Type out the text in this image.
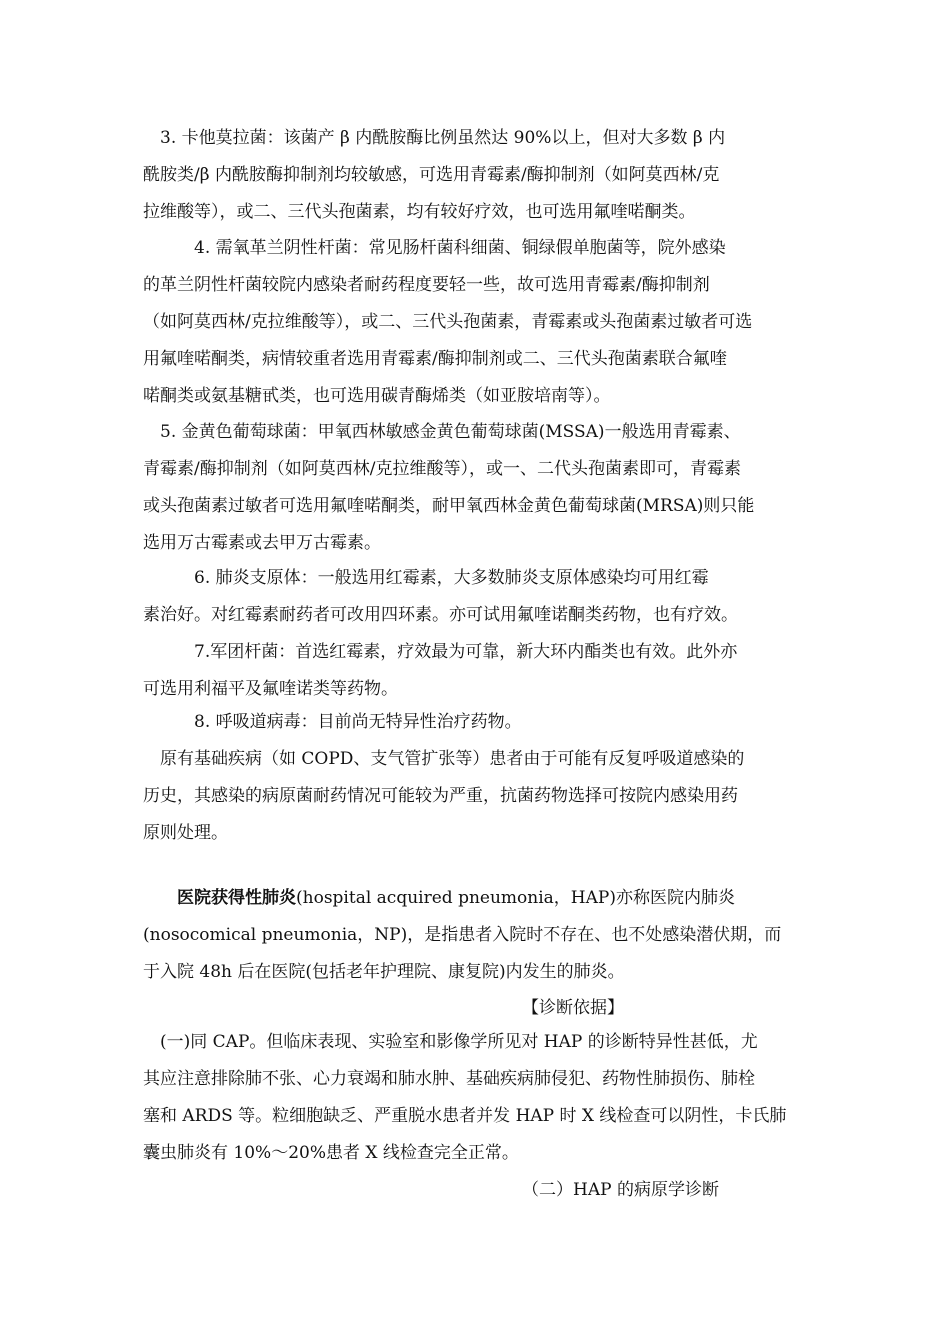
　3. 卡他莫拉菌：该菌产 β 内酰胺酶比例虽然达 90%以上，但对大多数 β 内
酰胺类/β 内酰胺酶抑制剂均较敏感，可选用青霉素/酶抑制剂（如阿莫西林/克
拉维酸等），或二、三代头孢菌素，均有较好疗效，也可选用氟喹喏酮类。
　　　4. 需氧革兰阴性杆菌：常见肠杆菌科细菌、铜绿假单胞菌等，院外感染
的革兰阴性杆菌较院内感染者耐药程度要轻一些，故可选用青霉素/酶抑制剂
（如阿莫西林/克拉维酸等），或二、三代头孢菌素，青霉素或头孢菌素过敏者可选
用氟喹喏酮类，病情较重者选用青霉素/酶抑制剂或二、三代头孢菌素联合氟喹
喏酮类或氨基糖甙类，也可选用碳青酶烯类（如亚胺培南等）。
　5. 金黄色葡萄球菌：甲氧西林敏感金黄色葡萄球菌(MSSA)一般选用青霉素、
青霉素/酶抑制剂（如阿莫西林/克拉维酸等），或一、二代头孢菌素即可，青霉素
或头孢菌素过敏者可选用氟喹喏酮类，耐甲氧西林金黄色葡萄球菌(MRSA)则只能
选用万古霉素或去甲万古霉素。
　　　6. 肺炎支原体：一般选用红霉素，大多数肺炎支原体感染均可用红霉
素治好。对红霉素耐药者可改用四环素。亦可试用氟喹诺酮类药物，也有疗效。
　　　7.军团杆菌：首选红霉素，疗效最为可靠，新大环内酯类也有效。此外亦
可选用利福平及氟喹诺类等药物。
　　　8. 呼吸道病毒：目前尚无特异性治疗药物。
　原有基础疾病（如 COPD、支气管扩张等）患者由于可能有反复呼吸道感染的
历史，其感染的病原菌耐药情况可能较为严重，抗菌药物选择可按院内感染用药
原则处理。
医院获得性肺炎(hospital acquired pneumonia，HAP)亦称医院内肺炎
(nosocomical pneumonia，NP)，是指患者入院时不存在、也不处感染潜伏期，而
于入院 48h 后在医院(包括老年护理院、康复院)内发生的肺炎。
【诊断依据】
　(一)同 CAP。但临床表现、实验室和影像学所见对 HAP 的诊断特异性甚低，尤
其应注意排除肺不张、心力衰竭和肺水肿、基础疾病肺侵犯、药物性肺损伤、肺栓
塞和 ARDS 等。粒细胞缺乏、严重脱水患者并发 HAP 时 X 线检查可以阴性，卡氏肺
囊虫肺炎有 10%～20%患者 X 线检查完全正常。
（二）HAP 的病原学诊断
